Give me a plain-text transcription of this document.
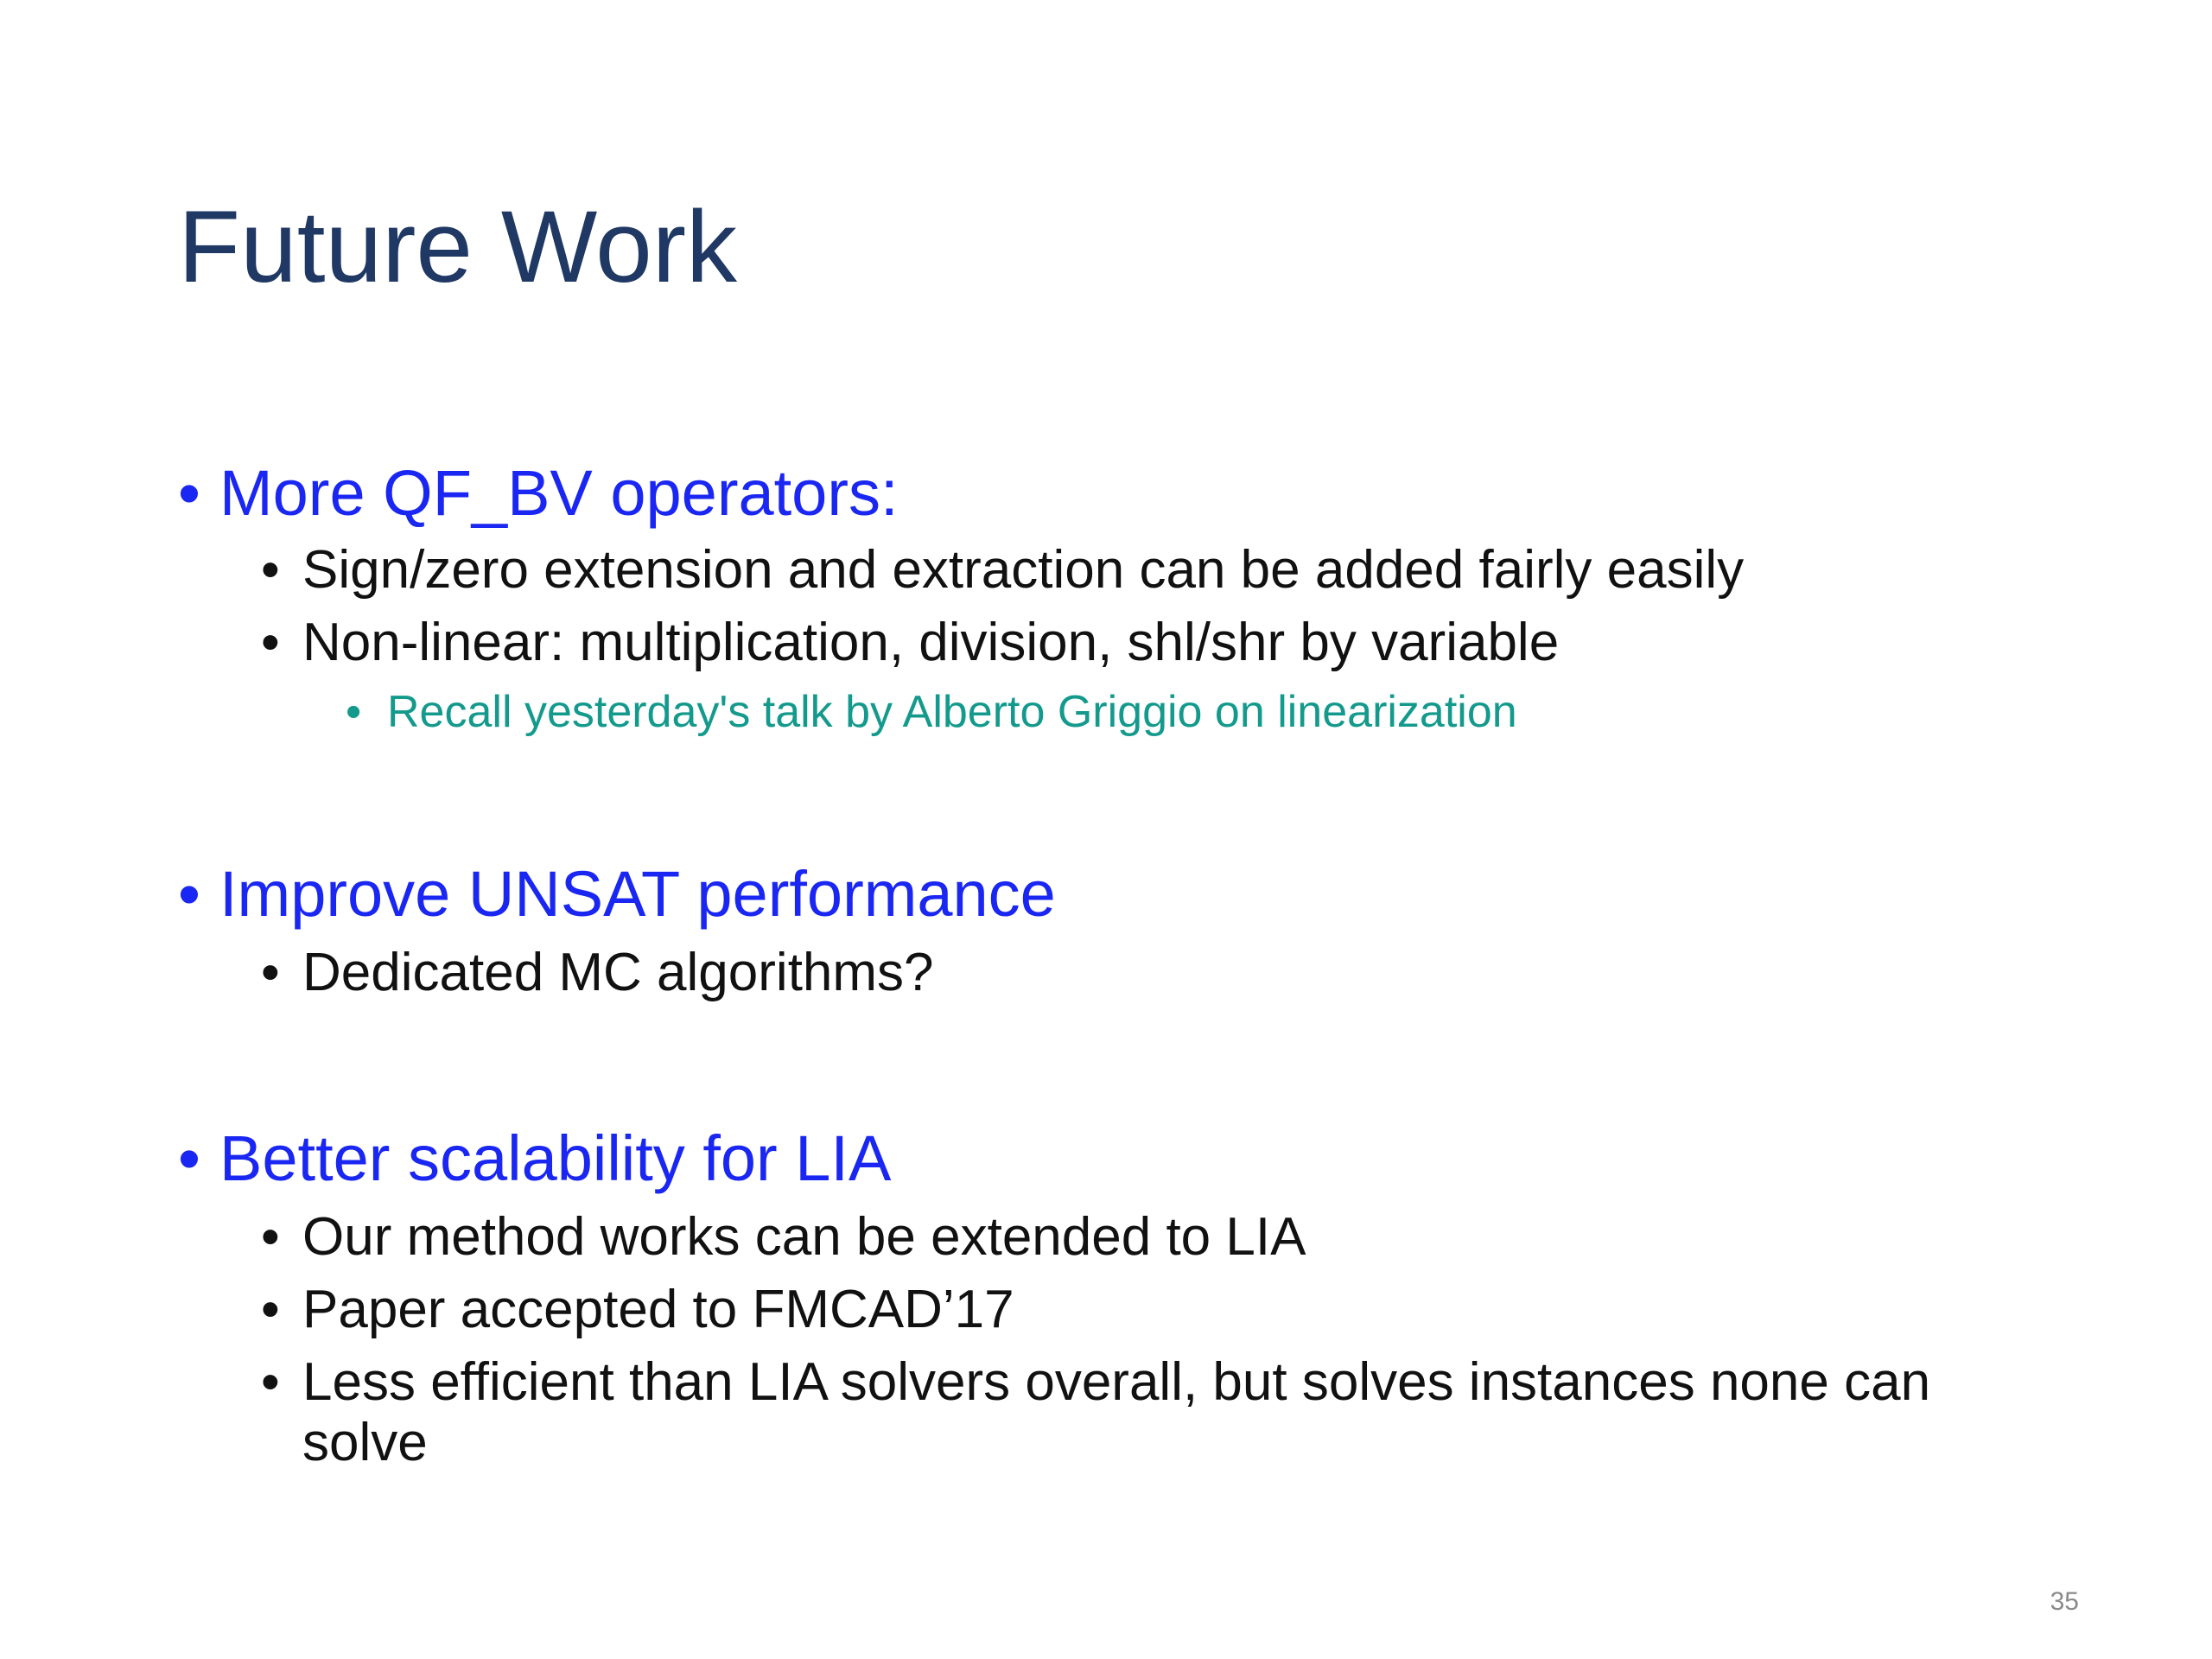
Future Work
• More QF_BV operators:
• Sign/zero extension and extraction can be added fairly easily
• Non-linear: multiplication, division, shl/shr by variable
• Recall yesterday's talk by Alberto Griggio on linearization
• Improve UNSAT performance
• Dedicated MC algorithms?
• Better scalability for LIA
• Our method works can be extended to LIA
• Paper accepted to FMCAD’17
• Less efficient than LIA solvers overall, but solves instances none can
solve
35
